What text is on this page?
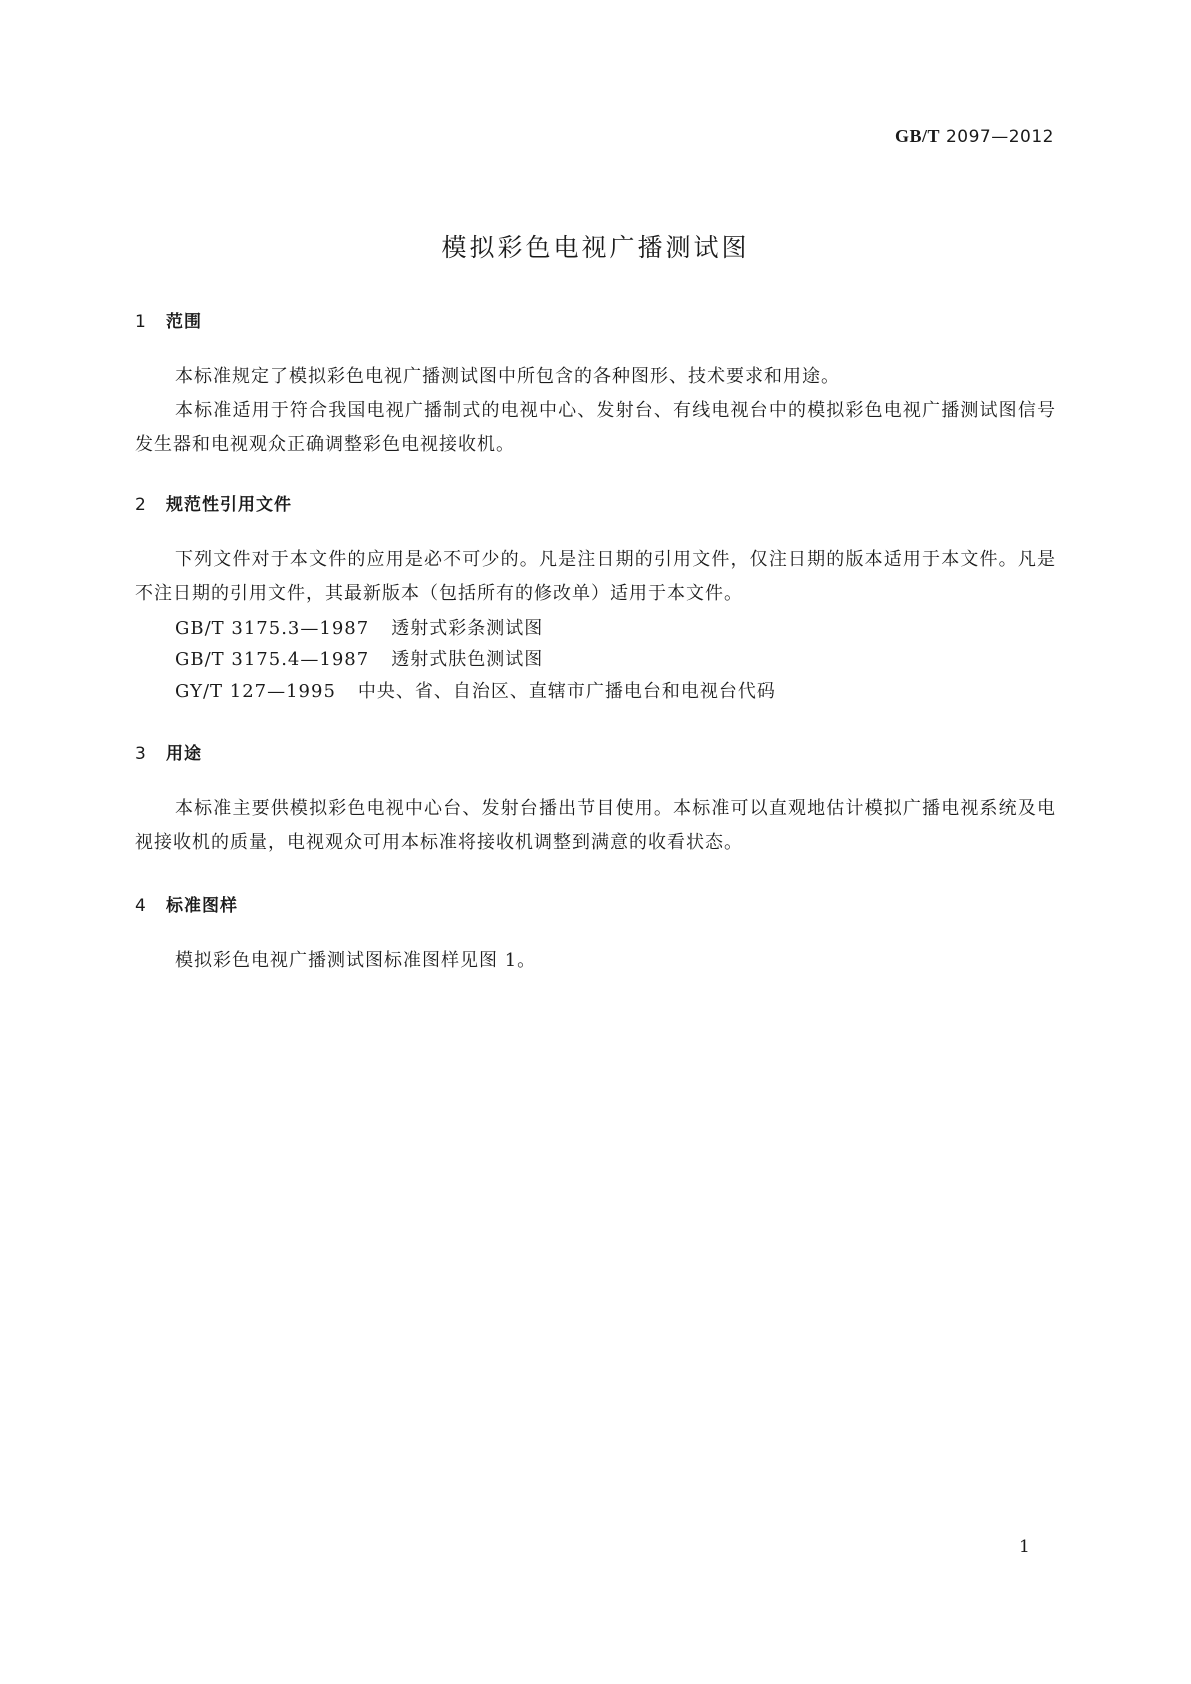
GB/T 2097—2012
模拟彩色电视广播测试图
1 范围

本标准规定了模拟彩色电视广播测试图中所包含的各种图形、技术要求和用途。

本标准适用于符合我国电视广播制式的电视中心、发射台、有线电视台中的模拟彩色电视广播测试图信号发生器和电视观众正确调整彩色电视接收机。

2 规范性引用文件

下列文件对于本文件的应用是必不可少的。凡是注日期的引用文件，仅注日期的版本适用于本文件。凡是不注日期的引用文件，其最新版本（包括所有的修改单）适用于本文件。

GB/T 3175.3—1987 透射式彩条测试图
GB/T 3175.4—1987 透射式肤色测试图
GY/T 127—1995 中央、省、自治区、直辖市广播电台和电视台代码
3 用途

本标准主要供模拟彩色电视中心台、发射台播出节目使用。本标准可以直观地估计模拟广播电视系统及电视接收机的质量，电视观众可用本标准将接收机调整到满意的收看状态。

4 标准图样

模拟彩色电视广播测试图标准图样见图 1。

1
